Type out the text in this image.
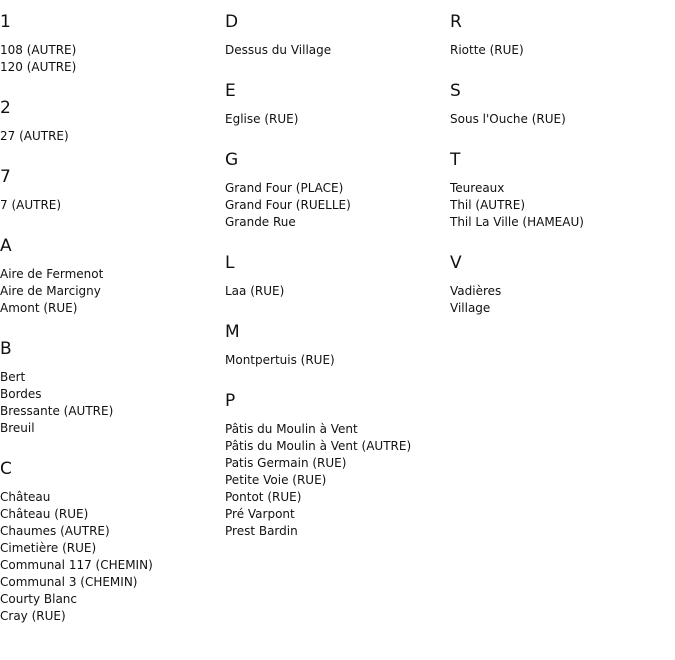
1
108 (AUTRE)
120 (AUTRE)
2
27 (AUTRE)
7
7 (AUTRE)
A
Aire de Fermenot
Aire de Marcigny
Amont (RUE)
B
Bert
Bordes
Bressante (AUTRE)
Breuil
C
Château
Château (RUE)
Chaumes (AUTRE)
Cimetière (RUE)
Communal 117 (CHEMIN)
Communal 3 (CHEMIN)
Courty Blanc
Cray (RUE)
D
Dessus du Village
E
Eglise (RUE)
G
Grand Four (PLACE)
Grand Four (RUELLE)
Grande Rue
L
Laa (RUE)
M
Montpertuis (RUE)
P
Pâtis du Moulin à Vent
Pâtis du Moulin à Vent (AUTRE)
Patis Germain (RUE)
Petite Voie (RUE)
Pontot (RUE)
Pré Varpont
Prest Bardin
R
Riotte (RUE)
S
Sous l'Ouche (RUE)
T
Teureaux
Thil (AUTRE)
Thil La Ville (HAMEAU)
V
Vadières
Village
